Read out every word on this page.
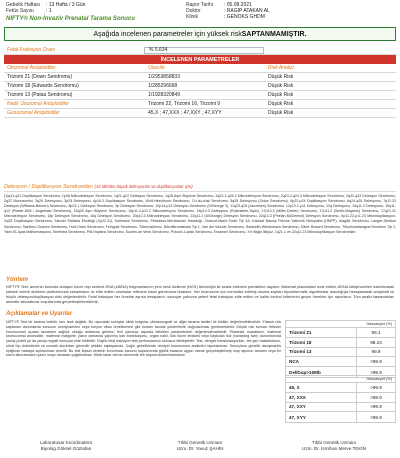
Gebelik Haftası	: 13 Hafta / 3 Gün	Rapor Tarihi	: 05.08.2021
Fetüs Sayısı	: 1	Doktor	: RAGIP ATAKAN AL
Klinik	: GENOKS GHDM
NIFTY® Non-İnvaziv Prenatal Tarama Sonucu
Aşağıda incelenen parametreler için yüksek risk SAPTANMAMIŞTIR.
Fetal Fraksiyon Oranı	% 5.634
İNCELENEN PARAMETRELER
Otozomal Anöploidiler	Olasılık	Risk Analizi
Trizomi 21 (Down Sendromu)	1/2953858833	Düşük Risk
Trizomi 18 (Edwards Sendromu)	1/285296668	Düşük Risk
Trizomi 13 (Patau Sendromu)	1/1928320849	Düşük Risk
Nadir Otozomal Anöploidiler	Trizomi 22, Trizomi 16, Trizomi 9	Düşük Risk
Gonozomal Anöploidiler	45,X ; 47,XXX ; 47,XXY ; 47,XYY	Düşük Risk
Delesyon / Duplikasyon Sendromları (10 Mb'den büyük delesyonlar ve duplikasyonlar için)
(1)q11-q21 Duplikasyon Sendromu, 1p36 Mikrodelesyon Sendromu, 1q21-q22 Delesyon Sendromu, 1q28 Aşırı Büyüme Sendromu, 2q23.1-q24.2 Mikrodelesyon Sendromu, 2q24.2-q24.3 Mikrodelesyon Sendromu, 2q32-q33 Delesyon Sendromu, 2q37 Monozomisi, 3q29 Delesyonu, 3p25 Delesyonu, 4p16.3 Duplikasyon Sendromu, Wolf-Hirschhorn Sendromu, Cri-du-chat Sendromu, 5q35 Delesyonu (Sotos Sendromu), 6p22-p24 Duplikasyon Sendromu, 6q24-q25 Delesyonu, 7q11.23 Delesyon (Williams-Beuren) Sendromu, 8p23.1 Delesyon Sendromu, 9p Delesyon Sendromu, 10p14-p13 Delesyon Sendromu (DiGeorge 2), 11q23-q25 (Jacobsen) Sendromu, 12p12.1-p11 Delesyonu, 13q Delesyonu, 14q11.2 Delesyonu, 15q11-q13 (Prader-Willi / Angelman Sendromu), 15q26 Aşırı Büyüme Sendromu, 16p11.2-p12.2 Mikrodelesyon Sendromu, 16p13.3 Delesyonu (Rubinstein-Taybi), 17p13.3 (Miller-Dieker) Sendromu, 17p11.2 (Smith-Magenis) Sendromu, 17q21.31 Mikrodelesyon Sendromu, 18p Delesyon Sendromu, 18q Delesyon Sendromu, 20p12.3 Mikrodelesyon Sendromu, 22q11.2 (DiGeorge) Delesyon Sendromu, 22q13.3 (Phelan-McDermid) Delesyon Sendromu, Xp11.22-p11.23 Mikroduplikasyon, Xq28 Duplikasyon Sendromu, Steroid Sülfataz Eksikliği (Xp22.31), Kallmann Sendromu, Pelizaeus-Merzbacher Hastalığı, Charcot-Marie-Tooth Tip 1A, Kalıtsal Basınç Felcine Yatkınlık Nöropatisi (HNPP), Alagille Sendromu, Langer-Giedion Sendromu, Saethre-Chotzen Sendromu, Holt-Oram Sendromu, Feingold Sendromu, Tüberoskleroz, Nörofibromatozis Tip 1, Van der Woude Sendromu, Beckwith-Wiedemann Sendromu, Silver-Russell Sendromu, Trikorinofalangeal Sendrom Tip 1, Yarık El-Ayak Malformasyonu, Kleefstra Sendromu, Pitt-Hopkins Sendromu, Koolen-de Vries Sendromu, Potocki-Lupski Sendromu, Emanuel Sendromu, X'e Bağlı İktiyoz, 1q21.1 ve 22q11.23 Mikroduplikasyon Sendromları
Yöntem
NIFTY® Test, annenin kanında dolaşan hücre dışı serbest DNA (cfDNA) fragmanlarının yeni nesil dizileme (NGS) teknolojisi ile analiz edilmesi prensibine dayanır. Maternal plazmadan izole edilen cfDNA kütüphaneleri hazırlanarak yüksek verimli dizileme platformunda sekanslanır ve elde edilen okumalar referans insan genomuna hizalanır. Her kromozom için normalize edilmiş okuma sayıları biyoinformatik algoritmalar aracılığıyla hesaplanarak anöploidi ve büyük delesyon/duplikasyon riski değerlendirilir. Fetal fraksiyon her örnekte ayrıca hesaplanır; sonuçlar yalnızca yeterli fetal fraksiyon elde edilen ve kalite kontrol kriterlerini geçen örnekler için raporlanır. Tüm analiz basamakları akredite laboratuvar koşullarında gerçekleştirilmektedir.
Açıklamalar ve Uyarılar
NIFTY® Test bir tarama testidir, tanı testi değildir. Bu rapordaki sonuçlar klinik bulgular, ultrasonografi ve diğer tarama testleri ile birlikte değerlendirilmelidir. Yüksek risk saptanan durumlarda sonucun amniyosentez veya koryon villus örneklemesi gibi invaziv tanısal yöntemlerle doğrulanması gerekmektedir. Düşük risk sonucu fetüsün kromozomal açıdan tamamen sağlıklı olduğu anlamına gelmez; test yalnızca raporda belirtilen parametreleri değerlendirmektedir. Plasental mozaisizm, maternal kromozomal anomaliler, maternal malignite, yakın zamanda yapılmış kan transfüzyonu, organ nakli, kök hücre tedavisi veya kaybolan ikiz (vanishing twin) durumlarında yanlış pozitif ya da yanlış negatif sonuçlar elde edilebilir. Düşük fetal fraksiyon test performansını olumsuz etkileyebilir. Test, dengeli translokasyonları, tek gen hastalıklarını, nöral tüp defektlerini ve mozaik durumları güvenilir şekilde saptayamaz. Çoğul gebeliklerde cinsiyet kromozomu analizleri raporlanmaz. Sonuçların genetik danışmanlık eşliğinde hastaya açıklanması önerilir. Bu test kişisel verilerin korunması kanunu kapsamında gizlilik esasına uygun olarak gerçekleştirilmiş olup raporun tamamı veya bir kısmı laboratuvarın yazılı onayı olmadan çoğaltılamaz. Klinik karar verme sürecinde tek başına kullanılmamalıdır.
Hassasiyet (%)
Trizomi 21	99.1
Trizomi 18	98.24
Trizomi 13	99.9
NCA	>99.9
Del/Dup>10Mb	>99.9
Hassasiyet (%)
45, X	>99.9
47, XXX	>99.9
47, XXY	>99.9
47, XYY	>99.9
Laboratuvar Koordinatörü
Biyolog Göksel Gözüdan
Tıbbi Genetik Uzmanı
Uzm. Dr. Yavuz ŞAHİN
Tıbbi Genetik Uzmanı
Uzm. Dr. İsmihan Merve TEKİN
